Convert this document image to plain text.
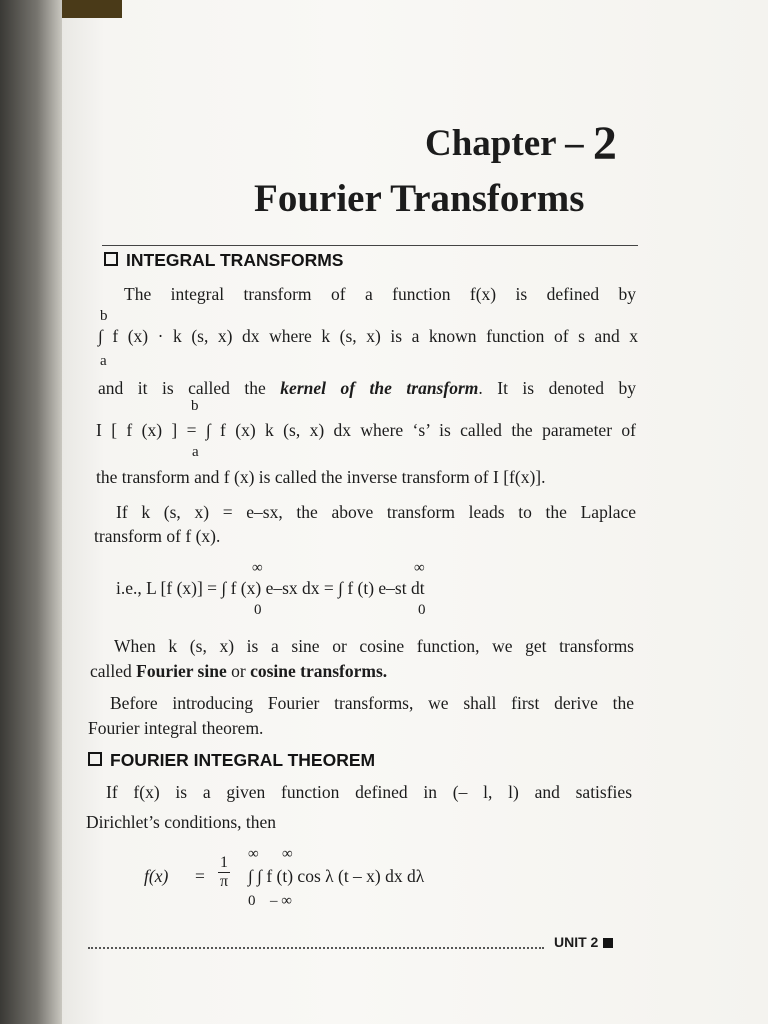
Chapter – 2
Fourier Transforms
INTEGRAL TRANSFORMS
The integral transform of a function f(x) is defined by
b
∫ f (x) · k (s, x) dx where k (s, x) is a known function of s and x
a
and it is called the kernel of the transform. It is denoted by
b
I [ f (x) ] = ∫ f (x) k (s, x) dx where ‘s’ is called the parameter of
a
the transform and f (x) is called the inverse transform of I [f(x)].
If k (s, x) = e–sx, the above transform leads to the Laplace
transform of f (x).
∞	∞
i.e., L [f (x)] = ∫ f (x) e–sx dx = ∫ f (t) e–st dt
0	0
When k (s, x) is a sine or cosine function, we get transforms
called Fourier sine or cosine transforms.
Before introducing Fourier transforms, we shall first derive the
Fourier integral theorem.
FOURIER INTEGRAL THEOREM
If f(x) is a given function defined in (– l, l) and satisfies
Dirichlet’s conditions, then
∞ ∞
$f(x) = \frac{1}{\pi}$ ∫ ∫ f (t) cos λ (t – x) dx dλ
0 – ∞
UNIT 2
